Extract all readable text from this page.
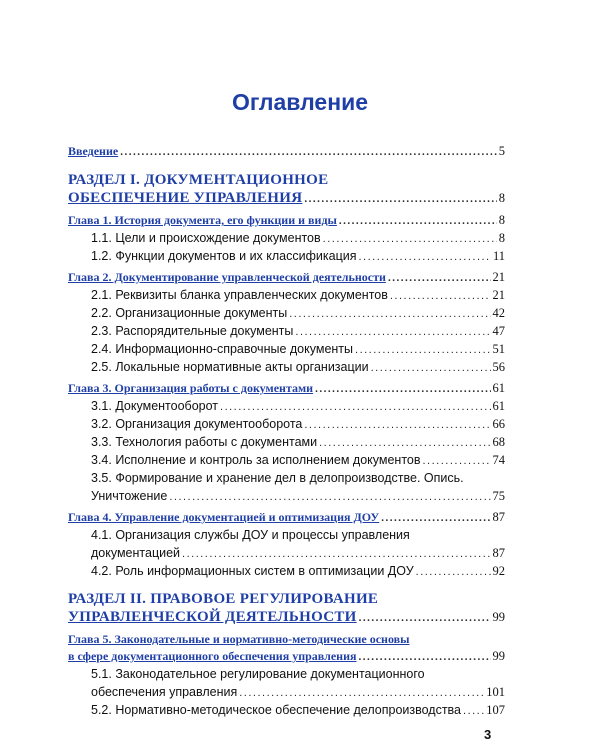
Оглавление
Введение .....	5
РАЗДЕЛ I. ДОКУМЕНТАЦИОННОЕ
ОБЕСПЕЧЕНИЕ УПРАВЛЕНИЯ .....	8
Глава 1. История документа, его функции и виды .....	8
1.1. Цели и происхождение документов .....	8
1.2. Функции документов и их классификация .....	11
Глава 2. Документирование управленческой деятельности .....	21
2.1. Реквизиты бланка управленческих документов .....	21
2.2. Организационные документы .....	42
2.3. Распорядительные документы .....	47
2.4. Информационно-справочные документы .....	51
2.5. Локальные нормативные акты организации .....	56
Глава 3. Организация работы с документами .....	61
3.1. Документооборот .....	61
3.2. Организация документооборота .....	66
3.3. Технология работы с документами .....	68
3.4. Исполнение и контроль за исполнением документов .....	74
3.5. Формирование и хранение дел в делопроизводстве. Опись.
Уничтожение .....	75
Глава 4. Управление документацией и оптимизация ДОУ .....	87
4.1. Организация службы ДОУ и процессы управления
документацией .....	87
4.2. Роль информационных систем в оптимизации ДОУ .....	92
РАЗДЕЛ II. ПРАВОВОЕ РЕГУЛИРОВАНИЕ
УПРАВЛЕНЧЕСКОЙ ДЕЯТЕЛЬНОСТИ .....	99
Глава 5. Законодательные и нормативно-методические основы
в сфере документационного обеспечения управления .....	99
5.1. Законодательное регулирование документационного
обеспечения управления .....	101
5.2. Нормативно-методическое обеспечение делопроизводства ..... 107
3
